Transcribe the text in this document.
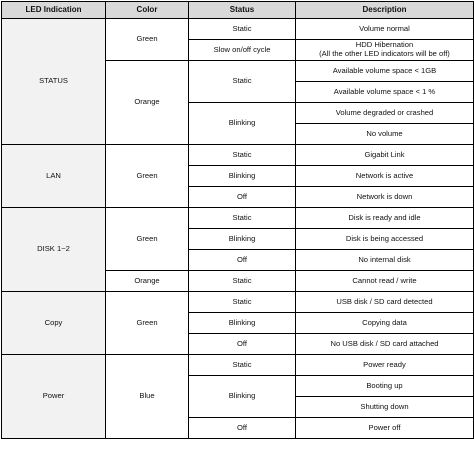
LED Indication	Color	Status	Description
STATUS	Green	Static	Volume normal
		Slow on/off cycle	HDD Hibernation
(All the other LED indicators will be off)
	Orange	Static	Available volume space < 1GB
			Available volume space < 1 %
		Blinking	Volume degraded or crashed
			No volume
LAN	Green	Static	Gigabit Link
		Blinking	Network is active
		Off	Network is down
DISK 1~2	Green	Static	Disk is ready and idle
		Blinking	Disk is being accessed
		Off	No internal disk
	Orange	Static	Cannot read / write
Copy	Green	Static	USB disk / SD card detected
		Blinking	Copying data
		Off	No USB disk / SD card attached
Power	Blue	Static	Power ready
		Blinking	Booting up
			Shutting down
		Off	Power off
